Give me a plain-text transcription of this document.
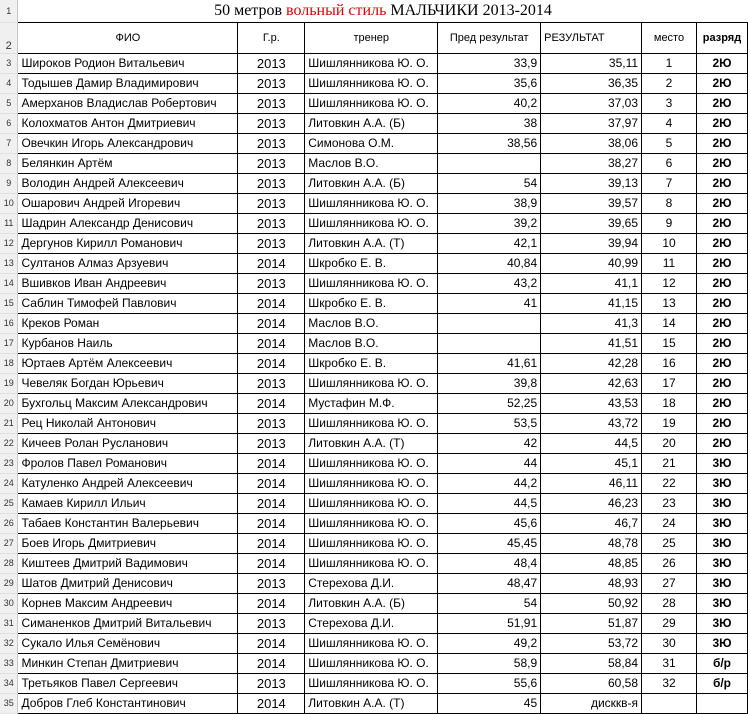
1	50 метров вольный стиль МАЛЬЧИКИ 2013-2014						
2	ФИО	Г.р.	тренер	Пред результат	РЕЗУЛЬТАТ	место	разряд
3	Широков Родион Витальевич	2013	Шишлянникова Ю. О.	33,9	35,11	1	2Ю
4	Тодышев Дамир Владимирович	2013	Шишлянникова Ю. О.	35,6	36,35	2	2Ю
5	Амерханов Владислав Робертович	2013	Шишлянникова Ю. О.	40,2	37,03	3	2Ю
6	Колохматов Антон Дмитриевич	2013	Литовкин А.А. (Б)	38	37,97	4	2Ю
7	Овечкин Игорь Александрович	2013	Симонова О.М.	38,56	38,06	5	2Ю
8	Белянкин Артём	2013	Маслов В.О.		38,27	6	2Ю
9	Володин Андрей Алексеевич	2013	Литовкин А.А. (Б)	54	39,13	7	2Ю
10	Ошарович Андрей Игоревич	2013	Шишлянникова Ю. О.	38,9	39,57	8	2Ю
11	Шадрин Александр Денисович	2013	Шишлянникова Ю. О.	39,2	39,65	9	2Ю
12	Дергунов Кирилл Романович	2013	Литовкин А.А. (Т)	42,1	39,94	10	2Ю
13	Султанов Алмаз Арзуевич	2014	Шкробко Е. В.	40,84	40,99	11	2Ю
14	Вшивков Иван Андреевич	2013	Шишлянникова Ю. О.	43,2	41,1	12	2Ю
15	Саблин Тимофей Павлович	2014	Шкробко Е. В.	41	41,15	13	2Ю
16	Креков Роман	2014	Маслов В.О.		41,3	14	2Ю
17	Курбанов Наиль	2014	Маслов В.О.		41,51	15	2Ю
18	Юртаев Артём Алексеевич	2014	Шкробко Е. В.	41,61	42,28	16	2Ю
19	Чевеляк Богдан Юрьевич	2013	Шишлянникова Ю. О.	39,8	42,63	17	2Ю
20	Бухгольц Максим Александрович	2014	Мустафин М.Ф.	52,25	43,53	18	2Ю
21	Рец Николай Антонович	2013	Шишлянникова Ю. О.	53,5	43,72	19	2Ю
22	Кичеев Ролан Русланович	2013	Литовкин А.А. (Т)	42	44,5	20	2Ю
23	Фролов Павел Романович	2014	Шишлянникова Ю. О.	44	45,1	21	3Ю
24	Катуленко Андрей Алексеевич	2014	Шишлянникова Ю. О.	44,2	46,11	22	3Ю
25	Камаев Кирилл Ильич	2014	Шишлянникова Ю. О.	44,5	46,23	23	3Ю
26	Табаев Константин Валерьевич	2014	Шишлянникова Ю. О.	45,6	46,7	24	3Ю
27	Боев Игорь Дмитриевич	2014	Шишлянникова Ю. О.	45,45	48,78	25	3Ю
28	Киштеев Дмитрий Вадимович	2014	Шишлянникова Ю. О.	48,4	48,85	26	3Ю
29	Шатов Дмитрий Денисович	2013	Стерехова Д.И.	48,47	48,93	27	3Ю
30	Корнев Максим Андреевич	2014	Литовкин А.А. (Б)	54	50,92	28	3Ю
31	Симаненков Дмитрий Витальевич	2013	Стерехова Д.И.	51,91	51,87	29	3Ю
32	Сукало Илья Семёнович	2014	Шишлянникова Ю. О.	49,2	53,72	30	3Ю
33	Минкин Степан Дмитриевич	2014	Шишлянникова Ю. О.	58,9	58,84	31	б/р
34	Третьяков Павел Сергеевич	2013	Шишлянникова Ю. О.	55,6	60,58	32	б/р
35	Добров Глеб Константинович	2014	Литовкин А.А. (Т)	45	дисккв-я		
